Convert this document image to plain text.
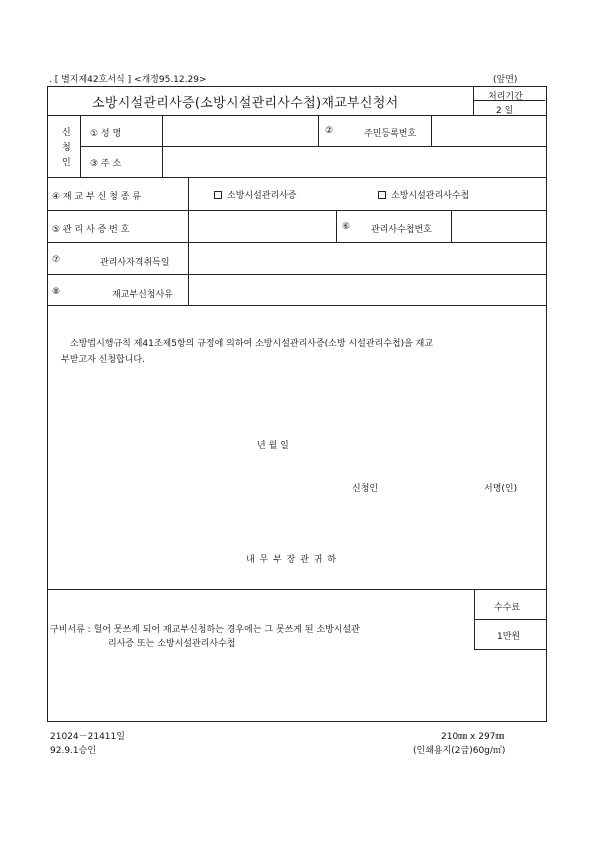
. [ 별지제42호서식 ] <개정95.12.29>	(앞면)
소방시설관리사증(소방시설관리사수첩)재교부신청서	처리기간
2 일
신
청
인
① 성 명	②	주민등록번호
③ 주 소
④ 재 교 부 신 청 종 류	소방시설관리사증	소방시설관리사수첩
⑤ 관 리 사 증 번 호	⑥ 관리사수첩번호
⑦	관리사자격취득일
⑧	재교부신청사유
소방법시행규칙 제41조제5항의 규정에 의하여 소방시설관리사증(소방 시설관리수첩)을 재교
부받고자 신청합니다.
년 월 일
신청인	서명(인)
내 무 부 장 관 귀 하
구비서류 : 헐어 못쓰게 되어 재교부신청하는 경우에는 그 못쓰게 된 소방시설관
리사증 또는 소방시설관리사수첩
수수료
1만원
21024－21411일
92.9.1승인
210㎜ x 297㎜
(인쇄용지(2급)60g/㎡)
